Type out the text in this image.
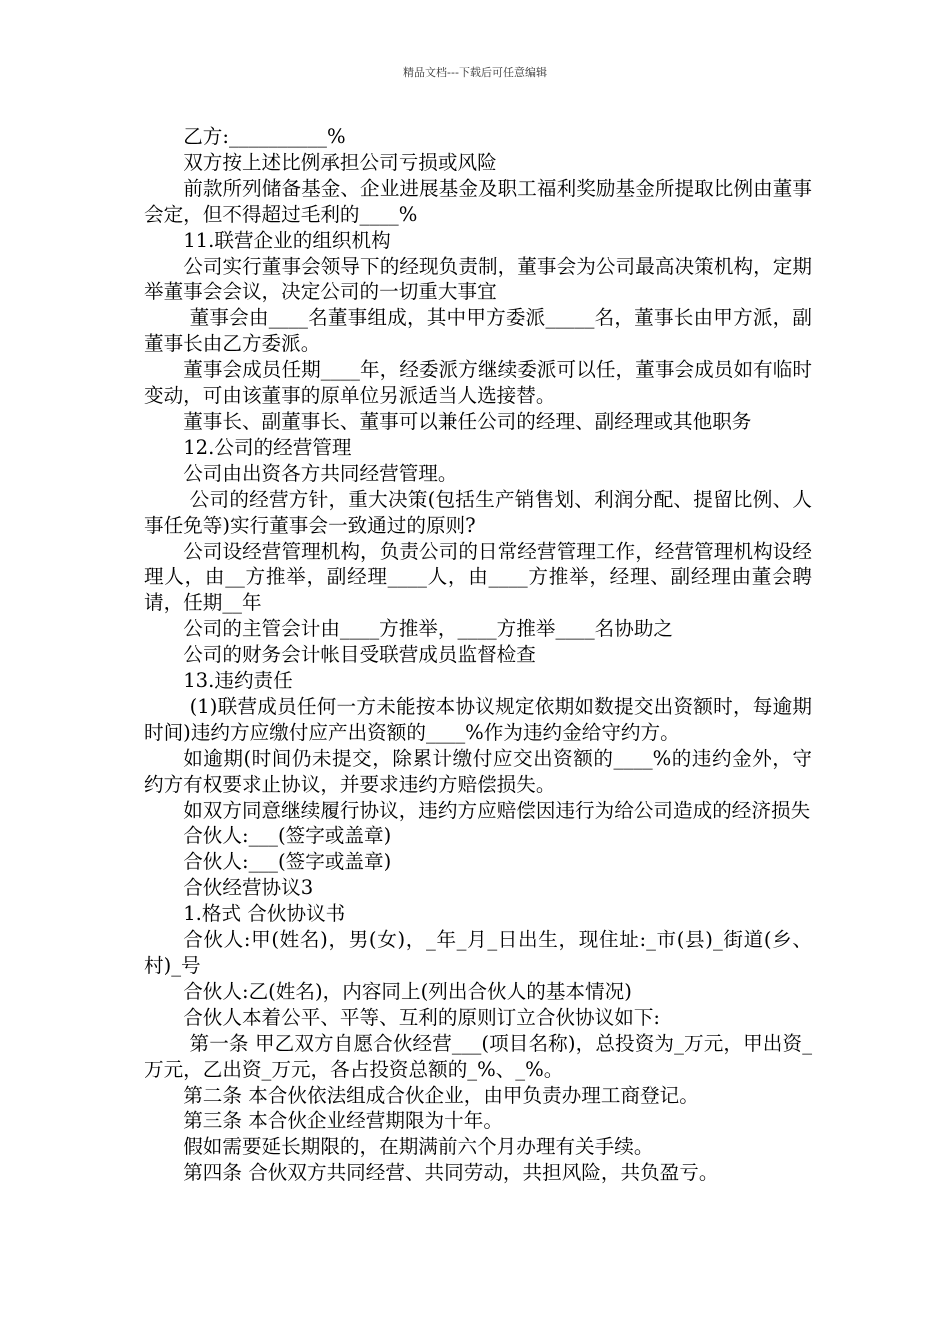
精品文档---下载后可任意编辑

乙方:__________%

双方按上述比例承担公司亏损或风险

前款所列储备基金、企业进展基金及职工福利奖励基金所提取比例由董事会定，但不得超过毛利的____%

11.联营企业的组织机构

公司实行董事会领导下的经现负责制，董事会为公司最高决策机构，定期举董事会会议，决定公司的一切重大事宜

董事会由____名董事组成，其中甲方委派_____名，董事长由甲方派，副董事长由乙方委派。

董事会成员任期____年，经委派方继续委派可以任，董事会成员如有临时变动，可由该董事的原单位另派适当人选接替。

董事长、副董事长、董事可以兼任公司的经理、副经理或其他职务

12.公司的经营管理

公司由出资各方共同经营管理。

公司的经营方针，重大决策(包括生产销售划、利润分配、提留比例、人事任免等)实行董事会一致通过的原则?

公司设经营管理机构，负责公司的日常经营管理工作，经营管理机构设经理人，由__方推举，副经理____人，由____方推举，经理、副经理由董会聘请，任期__年

公司的主管会计由____方推举，____方推举____名协助之

公司的财务会计帐目受联营成员监督检查

13.违约责任

(1)联营成员任何一方未能按本协议规定依期如数提交出资额时，每逾期时间)违约方应缴付应产出资额的____%作为违约金给守约方。

如逾期(时间仍未提交，除累计缴付应交出资额的____%的违约金外，守约方有权要求止协议，并要求违约方赔偿损失。

如双方同意继续履行协议，违约方应赔偿因违行为给公司造成的经济损失

合伙人:___(签字或盖章)

合伙人:___(签字或盖章)

合伙经营协议3

1.格式 合伙协议书

合伙人:甲(姓名)，男(女)，_年_月_日出生，现住址:_市(县)_街道(乡、村)_号

合伙人:乙(姓名)，内容同上(列出合伙人的基本情况)

合伙人本着公平、平等、互利的原则订立合伙协议如下:

第一条 甲乙双方自愿合伙经营___(项目名称)，总投资为_万元，甲出资_万元，乙出资_万元，各占投资总额的_%、_%。

第二条 本合伙依法组成合伙企业，由甲负责办理工商登记。

第三条 本合伙企业经营期限为十年。

假如需要延长期限的，在期满前六个月办理有关手续。

第四条 合伙双方共同经营、共同劳动，共担风险，共负盈亏。
